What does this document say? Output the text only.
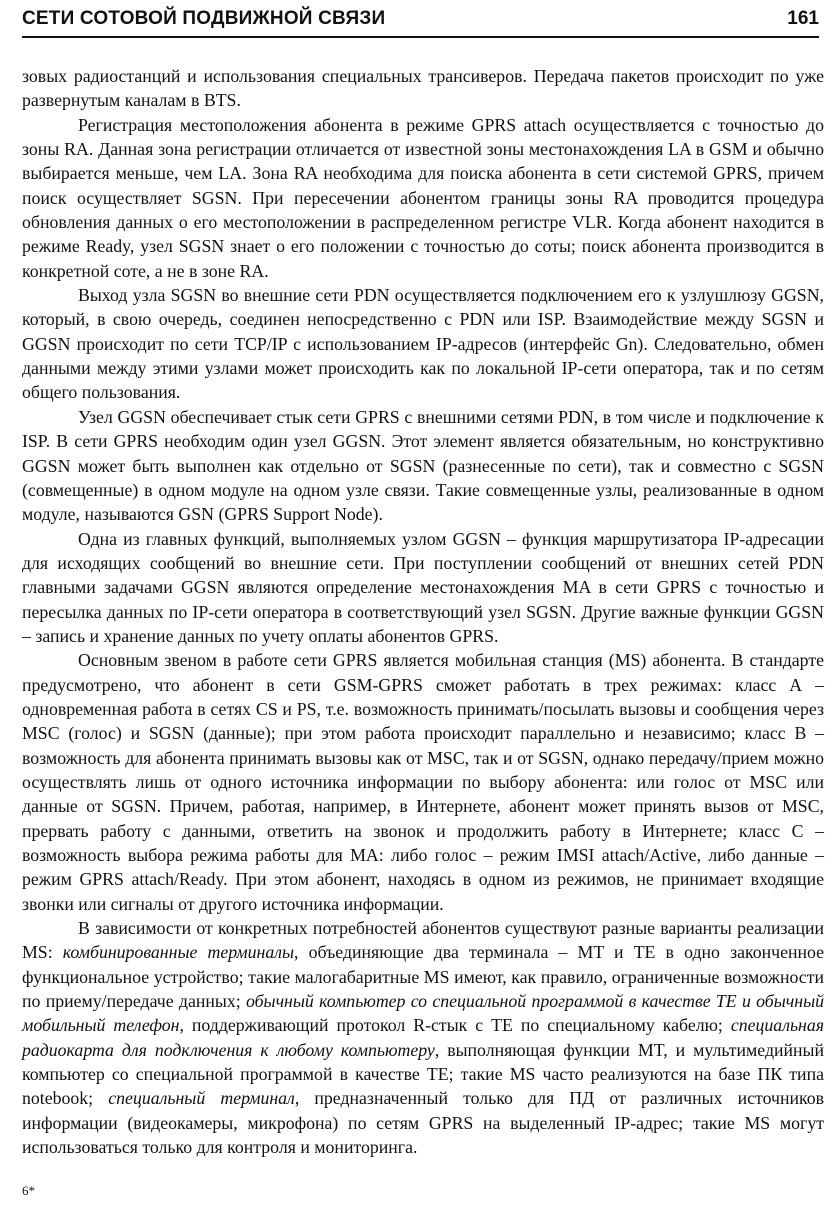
СЕТИ СОТОВОЙ ПОДВИЖНОЙ СВЯЗИ	161

зовых радиостанций и использования специальных трансиверов. Передача пакетов происходит по уже развернутым каналам в BTS.

Регистрация местоположения абонента в режиме GPRS attach осуществляется с точностью до зоны RA. Данная зона регистрации отличается от известной зоны местонахождения LA в GSM и обычно выбирается меньше, чем LA. Зона RA необходима для поиска абонента в сети системой GPRS, причем поиск осуществляет SGSN. При пересечении абонентом границы зоны RA проводится процедура обновления данных о его местоположении в распределенном регистре VLR. Когда абонент находится в режиме Ready, узел SGSN знает о его положении с точностью до соты; поиск абонента производится в конкретной соте, а не в зоне RA.

Выход узла SGSN во внешние сети PDN осуществляется подключением его к узлушлюзу GGSN, который, в свою очередь, соединен непосредственно с PDN или ISP. Взаимодействие между SGSN и GGSN происходит по сети TCP/IP с использованием IP-адресов (интерфейс Gn). Следовательно, обмен данными между этими узлами может происходить как по локальной IP-сети оператора, так и по сетям общего пользования.

Узел GGSN обеспечивает стык сети GPRS с внешними сетями PDN, в том числе и подключение к ISP. В сети GPRS необходим один узел GGSN. Этот элемент является обязательным, но конструктивно GGSN может быть выполнен как отдельно от SGSN (разнесенные по сети), так и совместно с SGSN (совмещенные) в одном модуле на одном узле связи. Такие совмещенные узлы, реализованные в одном модуле, называются GSN (GPRS Support Node).

Одна из главных функций, выполняемых узлом GGSN – функция маршрутизатора IP-адресации для исходящих сообщений во внешние сети. При поступлении сообщений от внешних сетей PDN главными задачами GGSN являются определение местонахождения MA в сети GPRS с точностью и пересылка данных по IP-сети оператора в соответствующий узел SGSN. Другие важные функции GGSN – запись и хранение данных по учету оплаты абонентов GPRS.

Основным звеном в работе сети GPRS является мобильная станция (MS) абонента. В стандарте предусмотрено, что абонент в сети GSM-GPRS сможет работать в трех режимах: класс А – одновременная работа в сетях CS и PS, т.е. возможность принимать/посылать вызовы и сообщения через MSC (голос) и SGSN (данные); при этом работа происходит параллельно и независимо; класс В – возможность для абонента принимать вызовы как от MSC, так и от SGSN, однако передачу/прием можно осуществлять лишь от одного источника информации по выбору абонента: или голос от MSC или данные от SGSN. Причем, работая, например, в Интернете, абонент может принять вызов от MSC, прервать работу с данными, ответить на звонок и продолжить работу в Интернете; класс С – возможность выбора режима работы для MA: либо голос – режим IMSI attach/Active, либо данные – режим GPRS attach/Ready. При этом абонент, находясь в одном из режимов, не принимает входящие звонки или сигналы от другого источника информации.

В зависимости от конкретных потребностей абонентов существуют разные варианты реализации MS: комбинированные терминалы, объединяющие два терминала – MT и TE в одно законченное функциональное устройство; такие малогабаритные MS имеют, как правило, ограниченные возможности по приему/передаче данных; обычный компьютер со специальной программой в качестве TE и обычный мобильный телефон, поддерживающий протокол R-стык с TE по специальному кабелю; специальная радиокарта для подключения к любому компьютеру, выполняющая функции MT, и мультимедийный компьютер со специальной программой в качестве TE; такие MS часто реализуются на базе ПК типа notebook; специальный терминал, предназначенный только для ПД от различных источников информации (видеокамеры, микрофона) по сетям GPRS на выделенный IP-адрес; такие MS могут использоваться только для контроля и мониторинга.

6*
